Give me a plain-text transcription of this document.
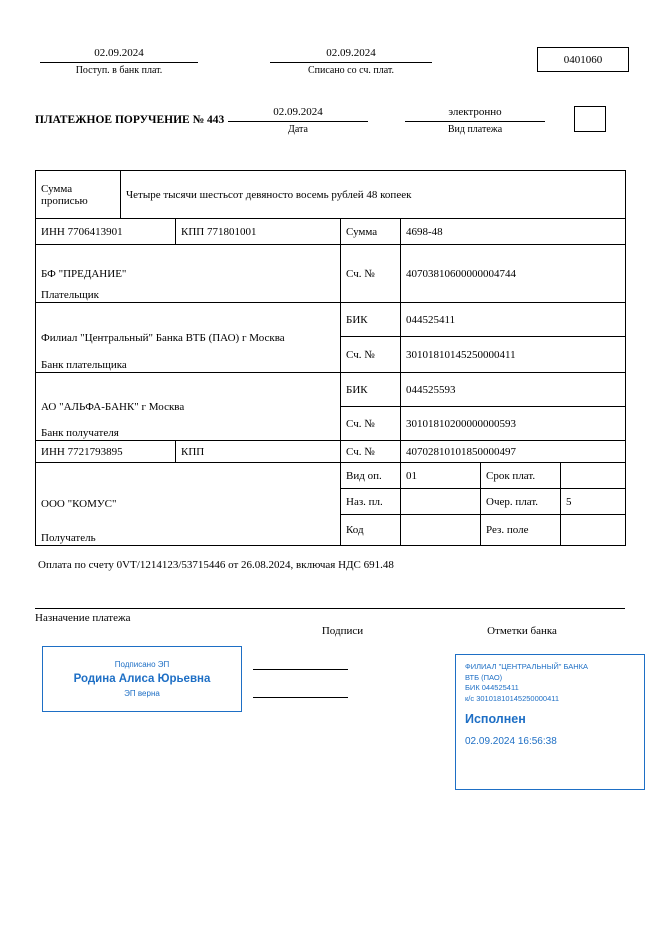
02.09.2024
Поступ. в банк плат.
02.09.2024
Списано со сч. плат.
0401060
ПЛАТЕЖНОЕ ПОРУЧЕНИЕ № 443
02.09.2024
Дата
электронно
Вид платежа
Сумма прописью	Четыре тысячи шестьсот девяносто восемь рублей 48 копеек					
ИНН 7706413901		КПП 771801001	Сумма	4698-48		

БФ "ПРЕДАНИЕ"
Плательщик			Сч. №	40703810600000004744		

Филиал "Центральный" Банка ВТБ (ПАО) г Москва
Банк плательщика			БИК	044525411		
			Сч. №	30101810145250000411		

АО "АЛЬФА-БАНК" г Москва
Банк получателя			БИК	044525593		
			Сч. №	30101810200000000593		
ИНН 7721793895		КПП	Сч. №	40702810101850000497		

ООО "КОМУС"
Получатель			Вид оп.	01	Срок плат.	
			Наз. пл.		Очер. плат.	5
			Код		Рез. поле	
Оплата по счету 0VT/1214123/53715446 от 26.08.2024, включая НДС 691.48
Назначение платежа
Подписи	Отметки банка
Подписано ЭП
Родина Алиса Юрьевна
ЭП верна
ФИЛИАЛ "ЦЕНТРАЛЬНЫЙ" БАНКА
ВТБ (ПАО)
БИК 044525411
к/с 30101810145250000411
Исполнен
02.09.2024 16:56:38
